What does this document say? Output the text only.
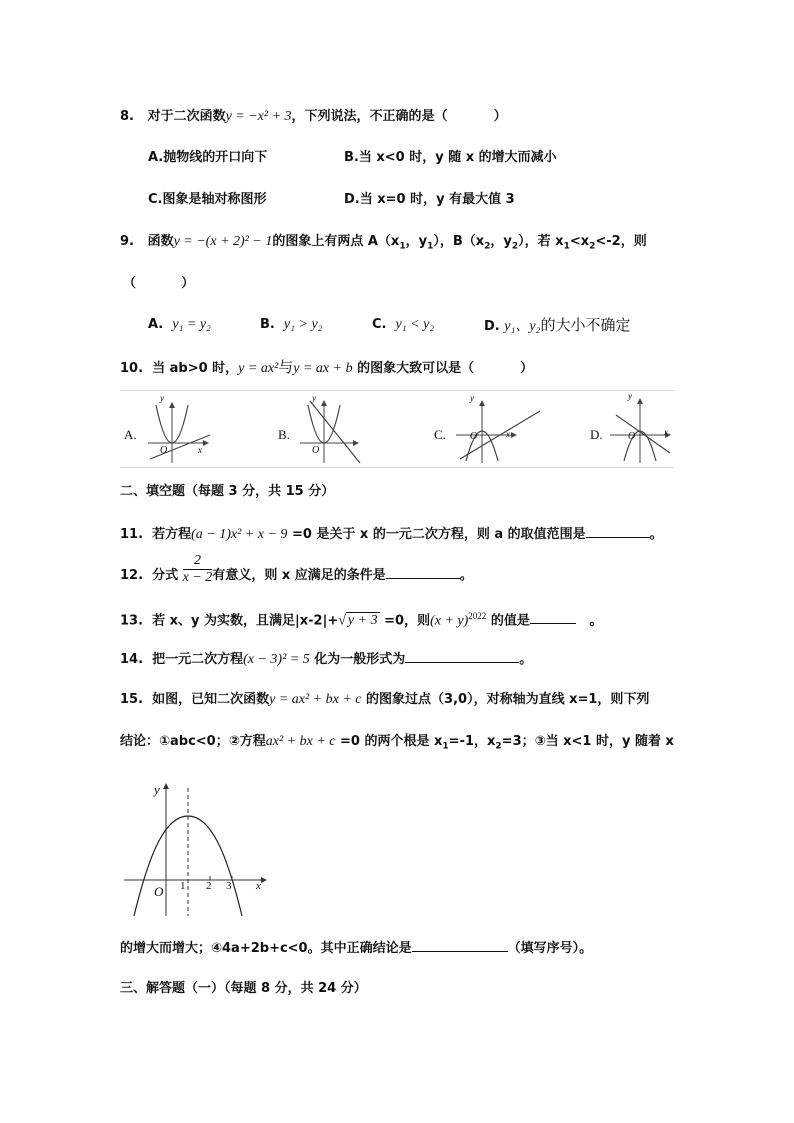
8. 对于二次函数y = −x² + 3，下列说法，不正确的是（	）
A.抛物线的开口向下	B.当 x<0 时，y 随 x 的增大而减小
C.图象是轴对称图形	D.当 x=0 时，y 有最大值 3
9. 函数y = −(x + 2)² − 1的图象上有两点 $A(x_1$，$y_1$），$B(x_2$，$y_2$），若 $x_1<x_2<-2$，则
（          ）
A. y₁ = y₂	B. y₁ > y₂	C. y₁ < y₂	D. y₁、y₂的大小不确定
10. 当 ab>0 时，y = ax²与y = ax + b 的图象大致可以是（	）
A.	B.	C.	D.
y
x
O
y
O
y
x
O
y
x
O
二、填空题（每题 3 分，共 15 分）
11. 若方程(a − 1)x² + x − 9 =0 是关于 x 的一元二次方程，则 a 的取值范围是	。
12. 分式 $\frac{2}{x - 2}$ 有意义，则 x 应满足的条件是	。
13. 若 x、y 为实数，且满足|x-2|+√ y + 3 =0，则$(x + y)^{2022}$ 的值是	。
14. 把一元二次方程(x − 3)² = 5 化为一般形式为	。
15. 如图，已知二次函数y = ax² + bx + c 的图象过点（3,0），对称轴为直线 x=1，则下列
结论：①abc<0；②方程ax² + bx + c =0 的两个根是 $x_1=-1$，$x_2=3$；③当 x<1 时，y 随着 x
y
x
O 1 2 3
的增大而增大；④4a+2b+c<0。其中正确结论是	（填写序号）。
三、解答题（一）（每题 8 分，共 24 分）
